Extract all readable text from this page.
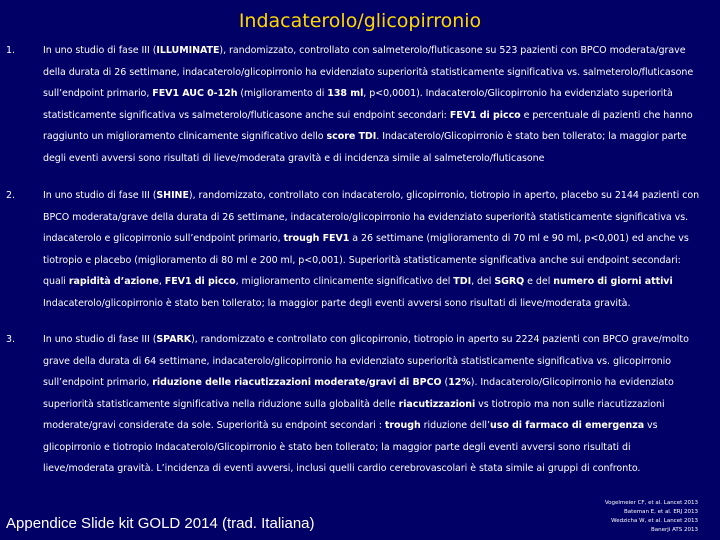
Indacaterolo/glicopirronio
1.	In uno studio di fase III (ILLUMINATE), randomizzato, controllato con salmeterolo/fluticasone su 523 pazienti con BPCO moderata/grave della durata di 26 settimane, indacaterolo/glicopirronio ha evidenziato superiorità statisticamente significativa vs. salmeterolo/fluticasone sull’endpoint primario, FEV1 AUC 0-12h (miglioramento di 138 ml, p<0,0001). Indacaterolo/Glicopirronio ha evidenziato superiorità statisticamente significativa vs salmeterolo/fluticasone anche sui endpoint secondari: FEV1 di picco e percentuale di pazienti che hanno raggiunto un miglioramento clinicamente significativo dello score TDI. Indacaterolo/Glicopirronio è stato ben tollerato; la maggior parte degli eventi avversi sono risultati di lieve/moderata gravità e di incidenza simile al salmeterolo/fluticasone
2.	In uno studio di fase III (SHINE), randomizzato, controllato con indacaterolo, glicopirronio, tiotropio in aperto, placebo su 2144 pazienti con BPCO moderata/grave della durata di 26 settimane, indacaterolo/glicopirronio ha evidenziato superiorità statisticamente significativa vs. indacaterolo e glicopirronio sull’endpoint primario, trough FEV1 a 26 settimane (miglioramento di 70 ml e 90 ml, p<0,001) ed anche vs tiotropio e placebo (miglioramento di 80 ml e 200 ml, p<0,001). Superiorità statisticamente significativa anche sui endpoint secondari: quali rapidità d’azione, FEV1 di picco, miglioramento clinicamente significativo del TDI, del SGRQ e del numero di giorni attivi Indacaterolo/glicopirronio è stato ben tollerato; la maggior parte degli eventi avversi sono risultati di lieve/moderata gravità.
3.	In uno studio di fase III (SPARK), randomizzato e controllato con glicopirronio, tiotropio in aperto su 2224 pazienti con BPCO grave/molto grave della durata di 64 settimane, indacaterolo/glicopirronio ha evidenziato superiorità statisticamente significativa vs. glicopirronio sull’endpoint primario, riduzione delle riacutizzazioni moderate/gravi di BPCO (12%). Indacaterolo/Glicopirronio ha evidenziato superiorità statisticamente significativa nella riduzione sulla globalità delle riacutizzazioni vs tiotropio ma non sulle riacutizzazioni moderate/gravi considerate da sole. Superiorità su endpoint secondari : trough riduzione dell’uso di farmaco di emergenza vs glicopirronio e tiotropio Indacaterolo/Glicopirronio è stato ben tollerato; la maggior parte degli eventi avversi sono risultati di lieve/moderata gravità. L’incidenza di eventi avversi, inclusi quelli cardio cerebrovascolari è stata simile ai gruppi di confronto.
Appendice Slide kit GOLD 2014 (trad. Italiana)
Vogelmeier CF, et al. Lancet 2013
Bateman E, et al. ERJ 2013
Wedzicha W, et al. Lancet 2013
Banerji ATS 2013
